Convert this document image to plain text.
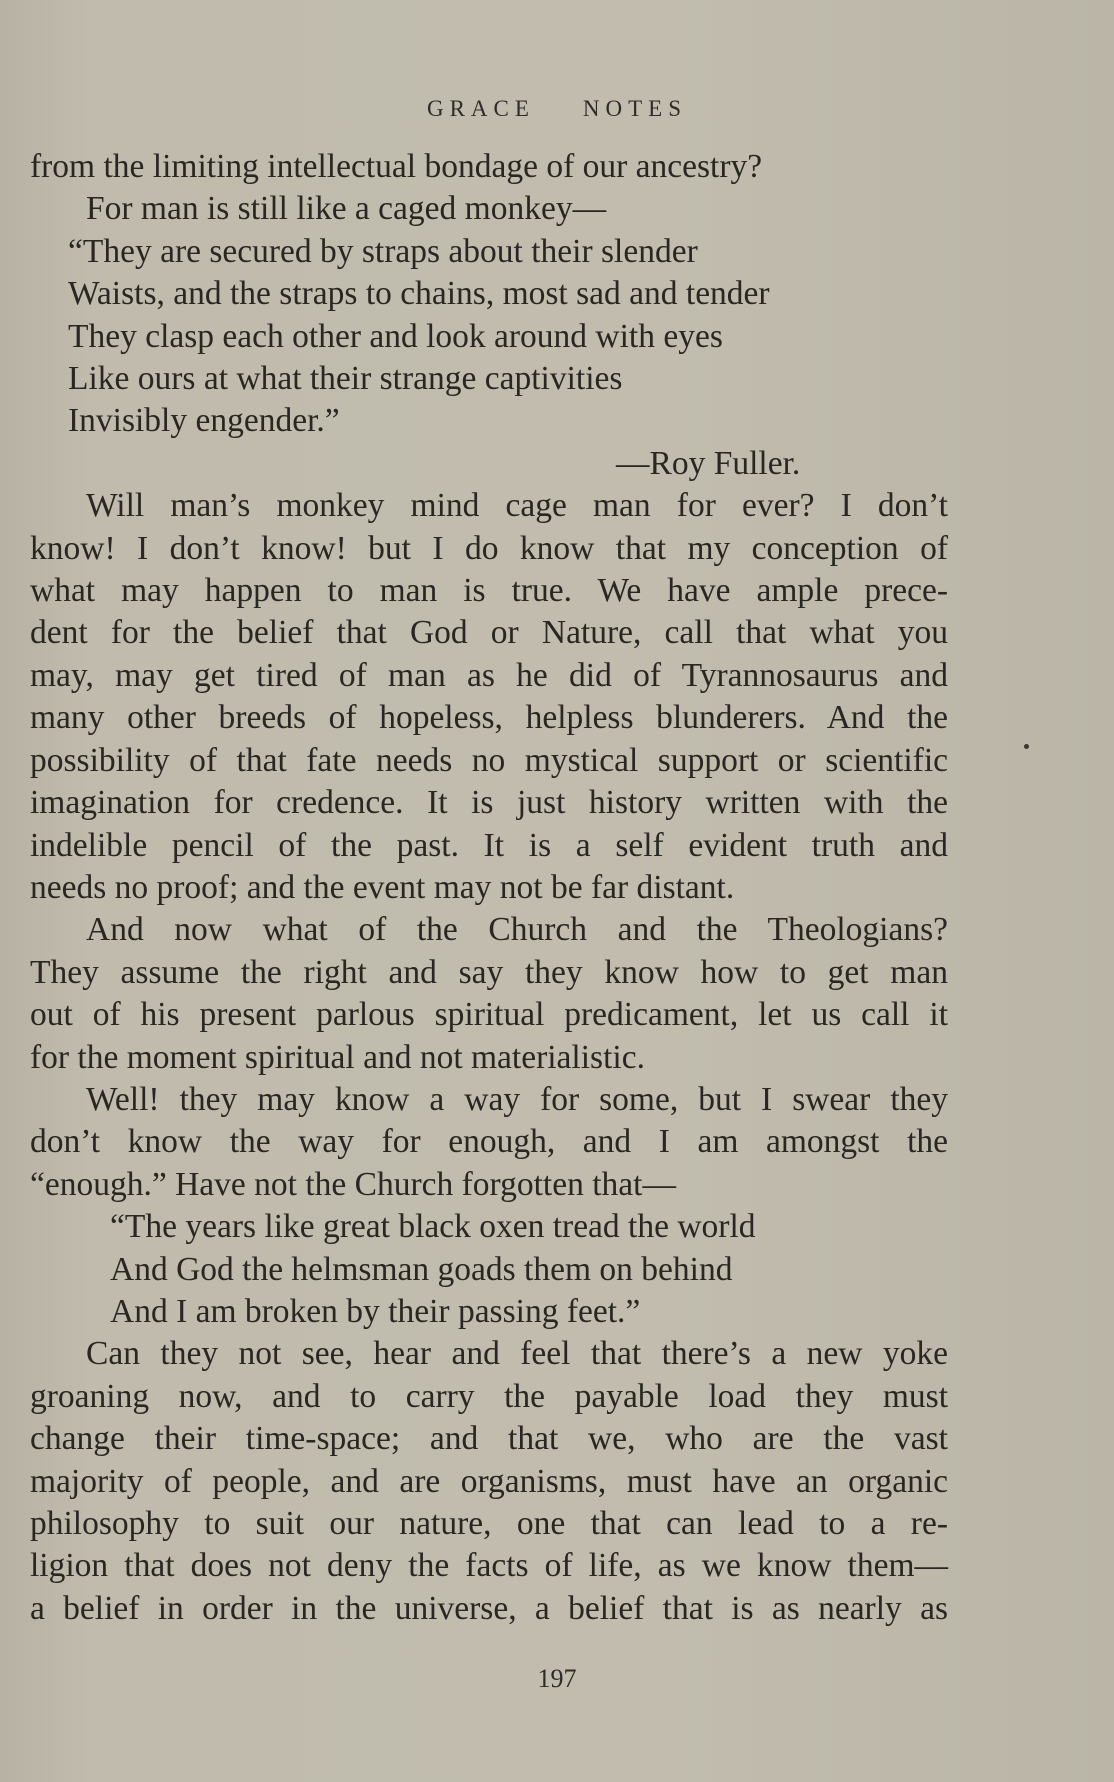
GRACE NOTES
from the limiting intellectual bondage of our ancestry?
For man is still like a caged monkey—
“They are secured by straps about their slender
Waists, and the straps to chains, most sad and tender
They clasp each other and look around with eyes
Like ours at what their strange captivities
Invisibly engender.”
—Roy Fuller.
Will man’s monkey mind cage man for ever? I don’t
know! I don’t know! but I do know that my conception of
what may happen to man is true. We have ample prece-
dent for the belief that God or Nature, call that what you
may, may get tired of man as he did of Tyrannosaurus and
many other breeds of hopeless, helpless blunderers. And the
possibility of that fate needs no mystical support or scientific
imagination for credence. It is just history written with the
indelible pencil of the past. It is a self evident truth and
needs no proof; and the event may not be far distant.
And now what of the Church and the Theologians?
They assume the right and say they know how to get man
out of his present parlous spiritual predicament, let us call it
for the moment spiritual and not materialistic.
Well! they may know a way for some, but I swear they
don’t know the way for enough, and I am amongst the
“enough.” Have not the Church forgotten that—
“The years like great black oxen tread the world
And God the helmsman goads them on behind
And I am broken by their passing feet.”
Can they not see, hear and feel that there’s a new yoke
groaning now, and to carry the payable load they must
change their time-space; and that we, who are the vast
majority of people, and are organisms, must have an organic
philosophy to suit our nature, one that can lead to a re-
ligion that does not deny the facts of life, as we know them—
a belief in order in the universe, a belief that is as nearly as
197
